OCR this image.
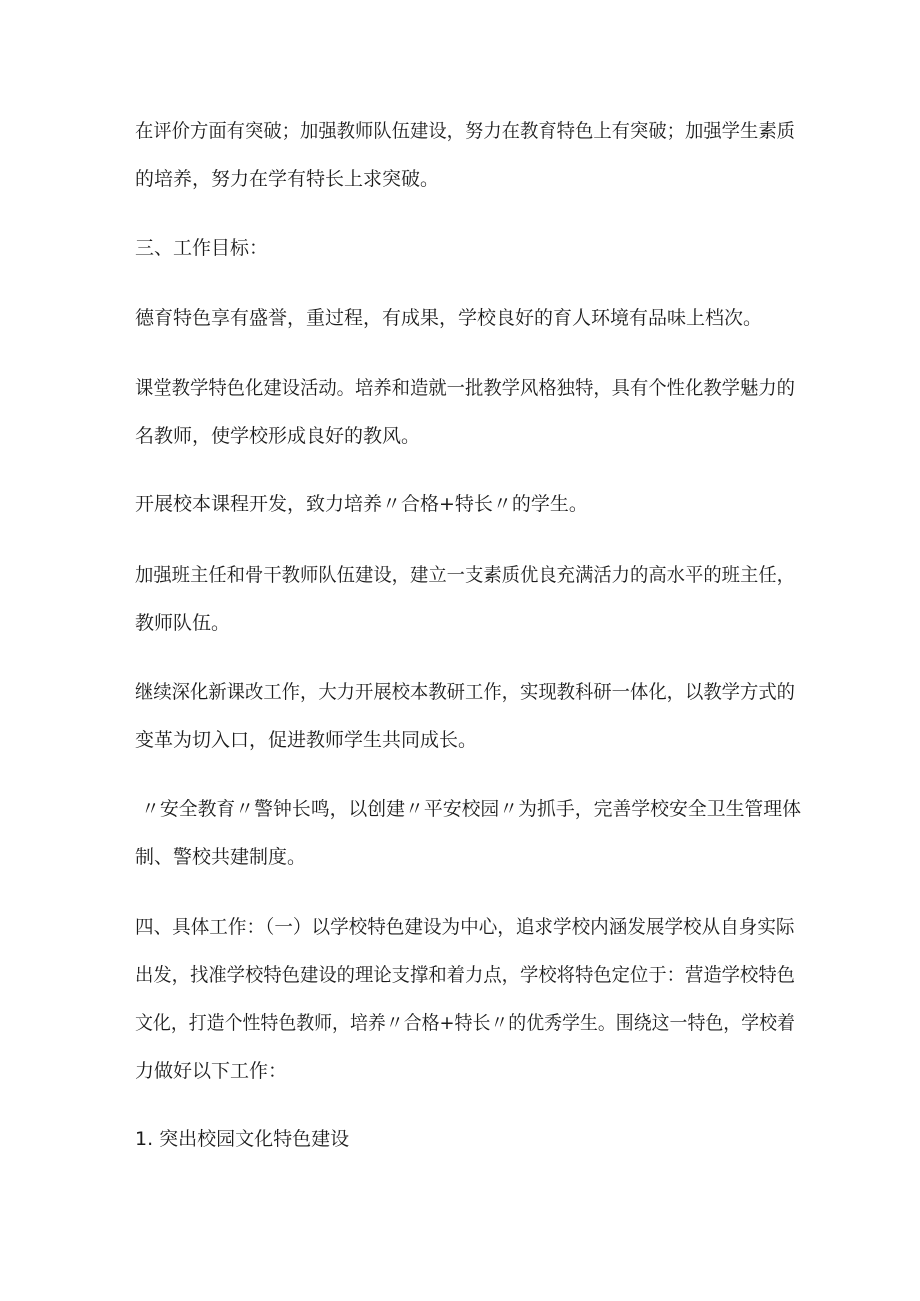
在评价方面有突破；加强教师队伍建设，努力在教育特色上有突破；加强学生素质
的培养，努力在学有特长上求突破。

三、工作目标：

德育特色享有盛誉，重过程，有成果，学校良好的育人环境有品味上档次。

课堂教学特色化建设活动。培养和造就一批教学风格独特，具有个性化教学魅力的
名教师，使学校形成良好的教风。

开展校本课程开发，致力培养〃合格+特长〃的学生。

加强班主任和骨干教师队伍建设，建立一支素质优良充满活力的高水平的班主任，
教师队伍。

继续深化新课改工作，大力开展校本教研工作，实现教科研一体化，以教学方式的
变革为切入口，促进教师学生共同成长。

〃安全教育〃警钟长鸣，以创建〃平安校园〃为抓手，完善学校安全卫生管理体
制、警校共建制度。

四、具体工作：（一）以学校特色建设为中心，追求学校内涵发展学校从自身实际
出发，找准学校特色建设的理论支撑和着力点，学校将特色定位于：营造学校特色
文化，打造个性特色教师，培养〃合格+特长〃的优秀学生。围绕这一特色，学校着
力做好以下工作：

1. 突出校园文化特色建设
